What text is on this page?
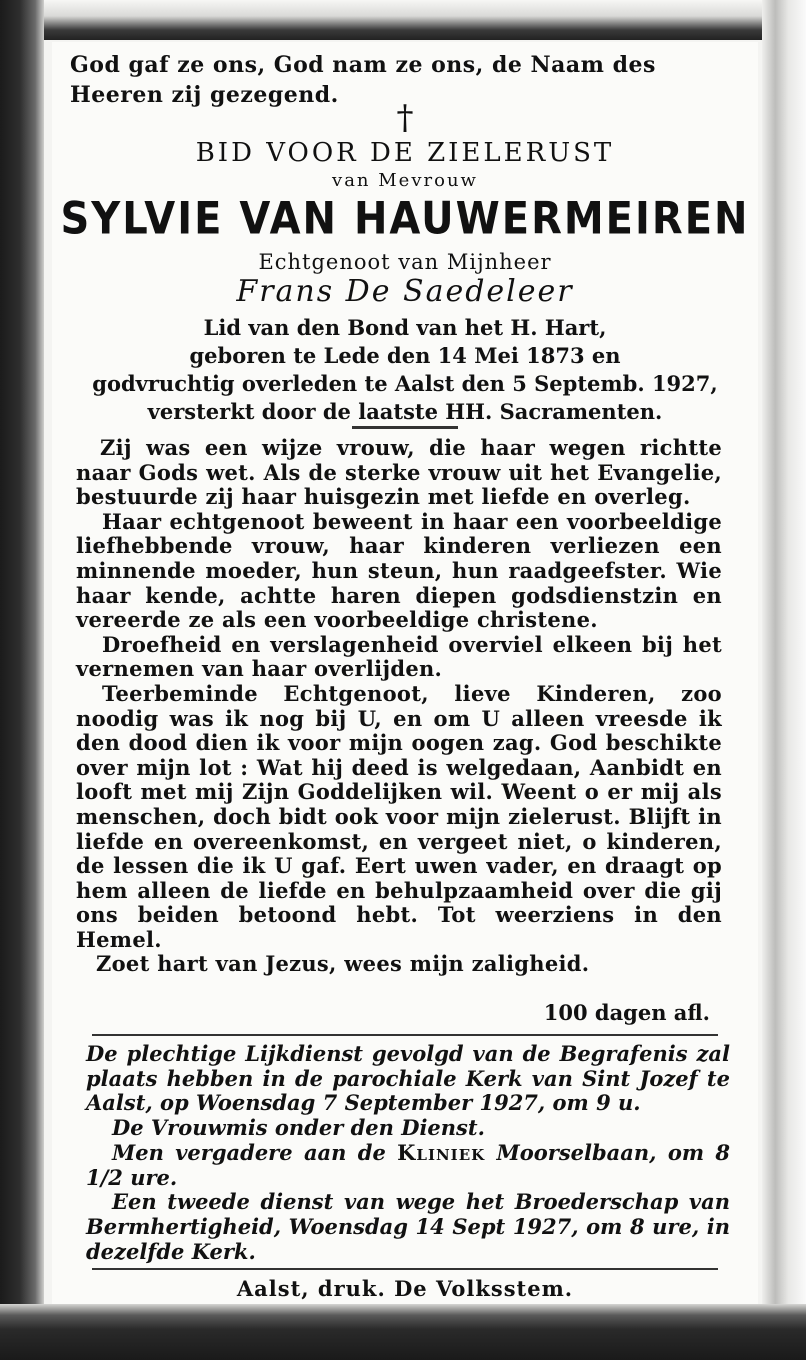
God gaf ze ons, God nam ze ons, de Naam des Heeren zij gezegend.
†
BID VOOR DE ZIELERUST
van Mevrouw
SYLVIE VAN HAUWERMEIREN
Echtgenoot van Mijnheer
Frans De Saedeleer
Lid van den Bond van het H. Hart,
geboren te Lede den 14 Mei 1873 en
godvruchtig overleden te Aalst den 5 Septemb. 1927,
versterkt door de laatste HH. Sacramenten.

Zij was een wijze vrouw, die haar wegen richtte naar Gods wet. Als de sterke vrouw uit het Evangelie, bestuurde zij haar huisgezin met liefde en overleg.

Haar echtgenoot beweent in haar een voorbeeldige liefhebbende vrouw, haar kinderen verliezen een minnende moeder, hun steun, hun raadgeefster. Wie haar kende, achtte haren diepen godsdienstzin en vereerde ze als een voorbeeldige christene.

Droefheid en verslagenheid overviel elkeen bij het vernemen van haar overlijden.

Teerbeminde Echtgenoot, lieve Kinderen, zoo noodig was ik nog bij U, en om U alleen vreesde ik den dood dien ik voor mijn oogen zag. God beschikte over mijn lot : Wat hij deed is welgedaan, Aanbidt en looft met mij Zijn Goddelijken wil. Weent o er mij als menschen, doch bidt ook voor mijn zielerust. Blijft in liefde en overeenkomst, en vergeet niet, o kinderen, de lessen die ik U gaf. Eert uwen vader, en draagt op hem alleen de liefde en behulpzaamheid over die gij ons beiden betoond hebt. Tot weerziens in den Hemel.

Zoet hart van Jezus, wees mijn zaligheid.

100 dagen afl.

De plechtige Lijkdienst gevolgd van de Begrafenis zal plaats hebben in de parochiale Kerk van Sint Jozef te Aalst, op Woensdag 7 September 1927, om 9 u.

De Vrouwmis onder den Dienst.

Men vergadere aan de Kliniek Moorselbaan, om 8 1/2 ure.

Een tweede dienst van wege het Broederschap van Bermhertigheid, Woensdag 14 Sept 1927, om 8 ure, in dezelfde Kerk.

Aalst, druk. De Volksstem.
